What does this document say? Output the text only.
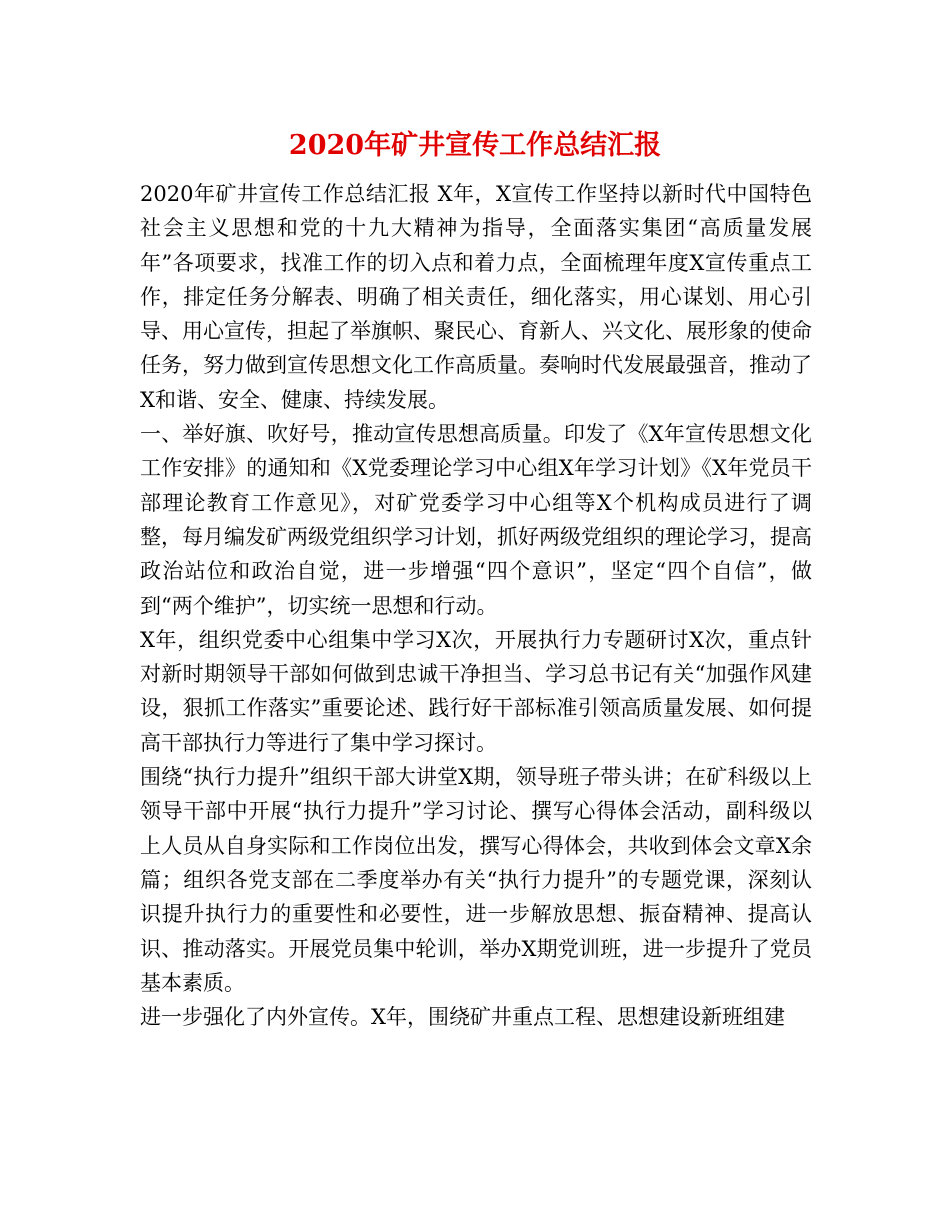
2020年矿井宣传工作总结汇报

2020年矿井宣传工作总结汇报 X年，X宣传工作坚持以新时代中国特色社会主义思想和党的十九大精神为指导，全面落实集团“高质量发展年”各项要求，找准工作的切入点和着力点，全面梳理年度X宣传重点工作，排定任务分解表、明确了相关责任，细化落实，用心谋划、用心引导、用心宣传，担起了举旗帜、聚民心、育新人、兴文化、展形象的使命任务，努力做到宣传思想文化工作高质量。奏响时代发展最强音，推动了X和谐、安全、健康、持续发展。

一、举好旗、吹好号，推动宣传思想高质量。印发了《X年宣传思想文化工作安排》的通知和《X党委理论学习中心组X年学习计划》《X年党员干部理论教育工作意见》，对矿党委学习中心组等X个机构成员进行了调整，每月编发矿两级党组织学习计划，抓好两级党组织的理论学习，提高政治站位和政治自觉，进一步增强“四个意识”，坚定“四个自信”，做到“两个维护”，切实统一思想和行动。

X年，组织党委中心组集中学习X次，开展执行力专题研讨X次，重点针对新时期领导干部如何做到忠诚干净担当、学习总书记有关“加强作风建设，狠抓工作落实”重要论述、践行好干部标准引领高质量发展、如何提高干部执行力等进行了集中学习探讨。

围绕“执行力提升”组织干部大讲堂X期，领导班子带头讲；在矿科级以上领导干部中开展“执行力提升”学习讨论、撰写心得体会活动，副科级以上人员从自身实际和工作岗位出发，撰写心得体会，共收到体会文章X余篇；组织各党支部在二季度举办有关“执行力提升”的专题党课，深刻认识提升执行力的重要性和必要性，进一步解放思想、振奋精神、提高认识、推动落实。开展党员集中轮训，举办X期党训班，进一步提升了党员基本素质。

进一步强化了内外宣传。X年，围绕矿井重点工程、思想建设新班组建
